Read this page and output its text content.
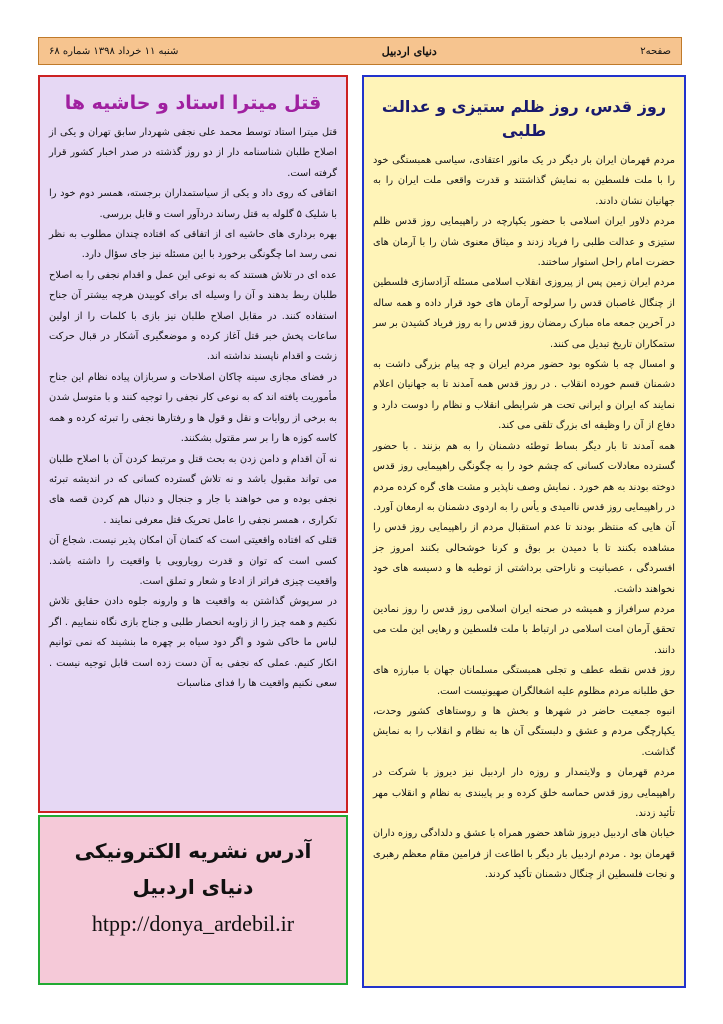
صفحه۲
دنیای اردبیل
شنبه ۱۱ خرداد ۱۳۹۸ شماره ۶۸
روز قدس، روز ظلم ستیزی و عدالت طلبی

مردم قهرمان ایران بار دیگر در یک مانور اعتقادی، سیاسی همبستگی خود را با ملت فلسطین به نمایش گذاشتند و قدرت واقعی ملت ایران را به جهانیان نشان دادند.

مردم دلاور ایران اسلامی با حضور یکپارچه در راهپیمایی روز قدس ظلم ستیزی و عدالت طلبی را فریاد زدند و میثاق معنوی شان را با آرمان های حضرت امام راحل استوار ساختند.

مردم ایران زمین پس از پیروزی انقلاب اسلامی مسئله آزادسازی فلسطین از چنگال غاصبان قدس را سرلوحه آرمان های خود قرار داده و همه ساله در آخرین جمعه ماه مبارک رمضان روز قدس را به روز فریاد کشیدن بر سر ستمکاران تاریخ تبدیل می کنند.

و امسال چه با شکوه بود حضور مردم ایران و چه پیام بزرگی داشت به دشمنان قسم خورده انقلاب . در روز قدس همه آمدند تا به جهانیان اعلام نمایند که ایران و ایرانی تحت هر شرایطی انقلاب و نظام را دوست دارد و دفاع از آن را وظیفه ای بزرگ تلقی می کند.

همه آمدند تا بار دیگر بساط توطئه دشمنان را به هم بزنند . با حضور گسترده معادلات کسانی که چشم خود را به چگونگی راهپیمایی روز قدس دوخته بودند به هم خورد . نمایش وصف ناپذیر و مشت های گره کرده مردم در راهپیمایی روز قدس ناامیدی و یأس را به اردوی دشمنان به ارمغان آورد.

آن هایی که منتظر بودند تا عدم استقبال مردم از راهپیمایی روز قدس را مشاهده بکنند تا با دمیدن بر بوق و کرنا خوشحالی بکنند امروز جز افسردگی ، عصبانیت و ناراحتی برداشتی از توطیه ها و دسیسه های خود نخواهند داشت.

مردم سرافراز و همیشه در صحنه ایران اسلامی روز قدس را روز نمادین تحقق آرمان امت اسلامی در ارتباط با ملت فلسطین و رهایی این ملت می دانند.

روز قدس نقطه عطف و تجلی همبستگی مسلمانان جهان با مبارزه های حق طلبانه مردم مظلوم علیه اشغالگران صهیونیست است.

انبوه جمعیت حاضر در شهرها و بخش ها و روستاهای کشور وحدت، یکپارچگی مردم و عشق و دلبستگی آن ها به نظام و انقلاب را به نمایش گذاشت.

مردم قهرمان و ولایتمدار و روزه دار اردبیل نیز دیروز با شرکت در راهپیمایی روز قدس حماسه خلق کرده و بر پایبندی به نظام و انقلاب مهر تأئید زدند.

خیابان های اردبیل دیروز شاهد حضور همراه با عشق و دلدادگی روزه داران قهرمان بود . مردم اردبیل بار دیگر با اطاعت از فرامین مقام معظم رهبری و نجات فلسطین از چنگال دشمنان تأکید کردند.

قتل میترا استاد و حاشیه ها

قتل میترا استاد توسط محمد علی نجفی شهردار سابق تهران و یکی از اصلاح طلبان شناسنامه دار از دو روز گذشته در صدر اخبار کشور قرار گرفته است.

اتفاقی که روی داد و یکی از سیاستمداران برجسته، همسر دوم خود را با شلیک ۵ گلوله به قتل رساند دردآور است و قابل بررسی.

بهره برداری های حاشیه ای از اتفاقی که افتاده چندان مطلوب به نظر نمی رسد اما چگونگی برخورد با این مسئله نیز جای سؤال دارد.

عده ای در تلاش هستند که به نوعی این عمل و اقدام نجفی را به اصلاح طلبان ربط بدهند و آن را وسیله ای برای کوبیدن هرچه بیشتر آن جناح استفاده کنند. در مقابل اصلاح طلبان نیز بازی با کلمات را از اولین ساعات پخش خبر قتل آغاز کرده و موضعگیری آشکار در قبال حرکت زشت و اقدام ناپسند نداشته اند.

در فضای مجازی سینه چاکان اصلاحات و سربازان پیاده نظام این جناح مأموریت یافته اند که به نوعی کار نجفی را توجیه کنند و با متوسل شدن به برخی از روایات و نقل و قول ها و رفتارها نجفی را تبرئه کرده و همه کاسه کوزه ها را بر سر مقتول بشکنند.

نه آن اقدام و دامن زدن به بحث قتل و مرتبط کردن آن با اصلاح طلبان می تواند مقبول باشد و نه تلاش گسترده کسانی که در اندیشه تبرئه نجفی بوده و می خواهند با جار و جنجال و دنبال هم کردن قصه های تکراری ، همسر نجفی را عامل تحریک قتل معرفی نمایند .

قتلی که افتاده واقعیتی است که کتمان آن امکان پذیر نیست. شجاع آن کسی است که توان و قدرت رویارویی با واقعیت را داشته باشد. واقعیت چیزی فراتر از ادعا و شعار و تملق است.

در سرپوش گذاشتن به واقعیت ها و وارونه جلوه دادن حقایق تلاش نکنیم و همه چیز را از زاویه انحصار طلبی و جناح بازی نگاه ننماییم . اگر لباس ما خاکی شود و اگر دود سیاه بر چهره ما بنشیند که نمی توانیم انکار کنیم. عملی که نجفی به آن دست زده است قابل توجیه نیست . سعی نکنیم واقعیت ها را فدای مناسبات

آدرس نشریه الکترونیکی
دنیای اردبیل
htpp://donya_ardebil.ir
